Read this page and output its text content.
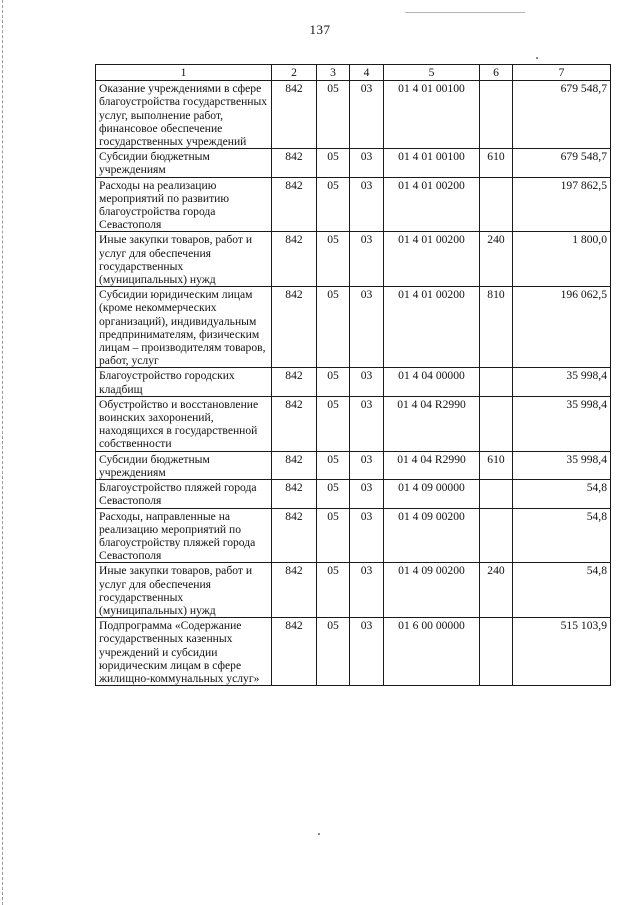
137
1	2	3	4	5	6	7
Оказание учреждениями в сфере благоустройства государственных услуг, выполнение работ, финансовое обеспечение государственных учреждений	842	05	03	01 4 01 00100		679 548,7
Субсидии бюджетным учреждениям	842	05	03	01 4 01 00100	610	679 548,7
Расходы на реализацию мероприятий по развитию благоустройства города Севастополя	842	05	03	01 4 01 00200		197 862,5
Иные закупки товаров, работ и услуг для обеспечения государственных (муниципальных) нужд	842	05	03	01 4 01 00200	240	1 800,0
Субсидии юридическим лицам (кроме некоммерческих организаций), индивидуальным предпринимателям, физическим лицам – производителям товаров, работ, услуг	842	05	03	01 4 01 00200	810	196 062,5
Благоустройство городских кладбищ	842	05	03	01 4 04 00000		35 998,4
Обустройство и восстановление воинских захоронений, находящихся в государственной собственности	842	05	03	01 4 04 R2990		35 998,4
Субсидии бюджетным учреждениям	842	05	03	01 4 04 R2990	610	35 998,4
Благоустройство пляжей города Севастополя	842	05	03	01 4 09 00000		54,8
Расходы, направленные на реализацию мероприятий по благоустройству пляжей города Севастополя	842	05	03	01 4 09 00200		54,8
Иные закупки товаров, работ и услуг для обеспечения государственных (муниципальных) нужд	842	05	03	01 4 09 00200	240	54,8
Подпрограмма «Содержание государственных казенных учреждений и субсидии юридическим лицам в сфере жилищно-коммунальных услуг»	842	05	03	01 6 00 00000		515 103,9
